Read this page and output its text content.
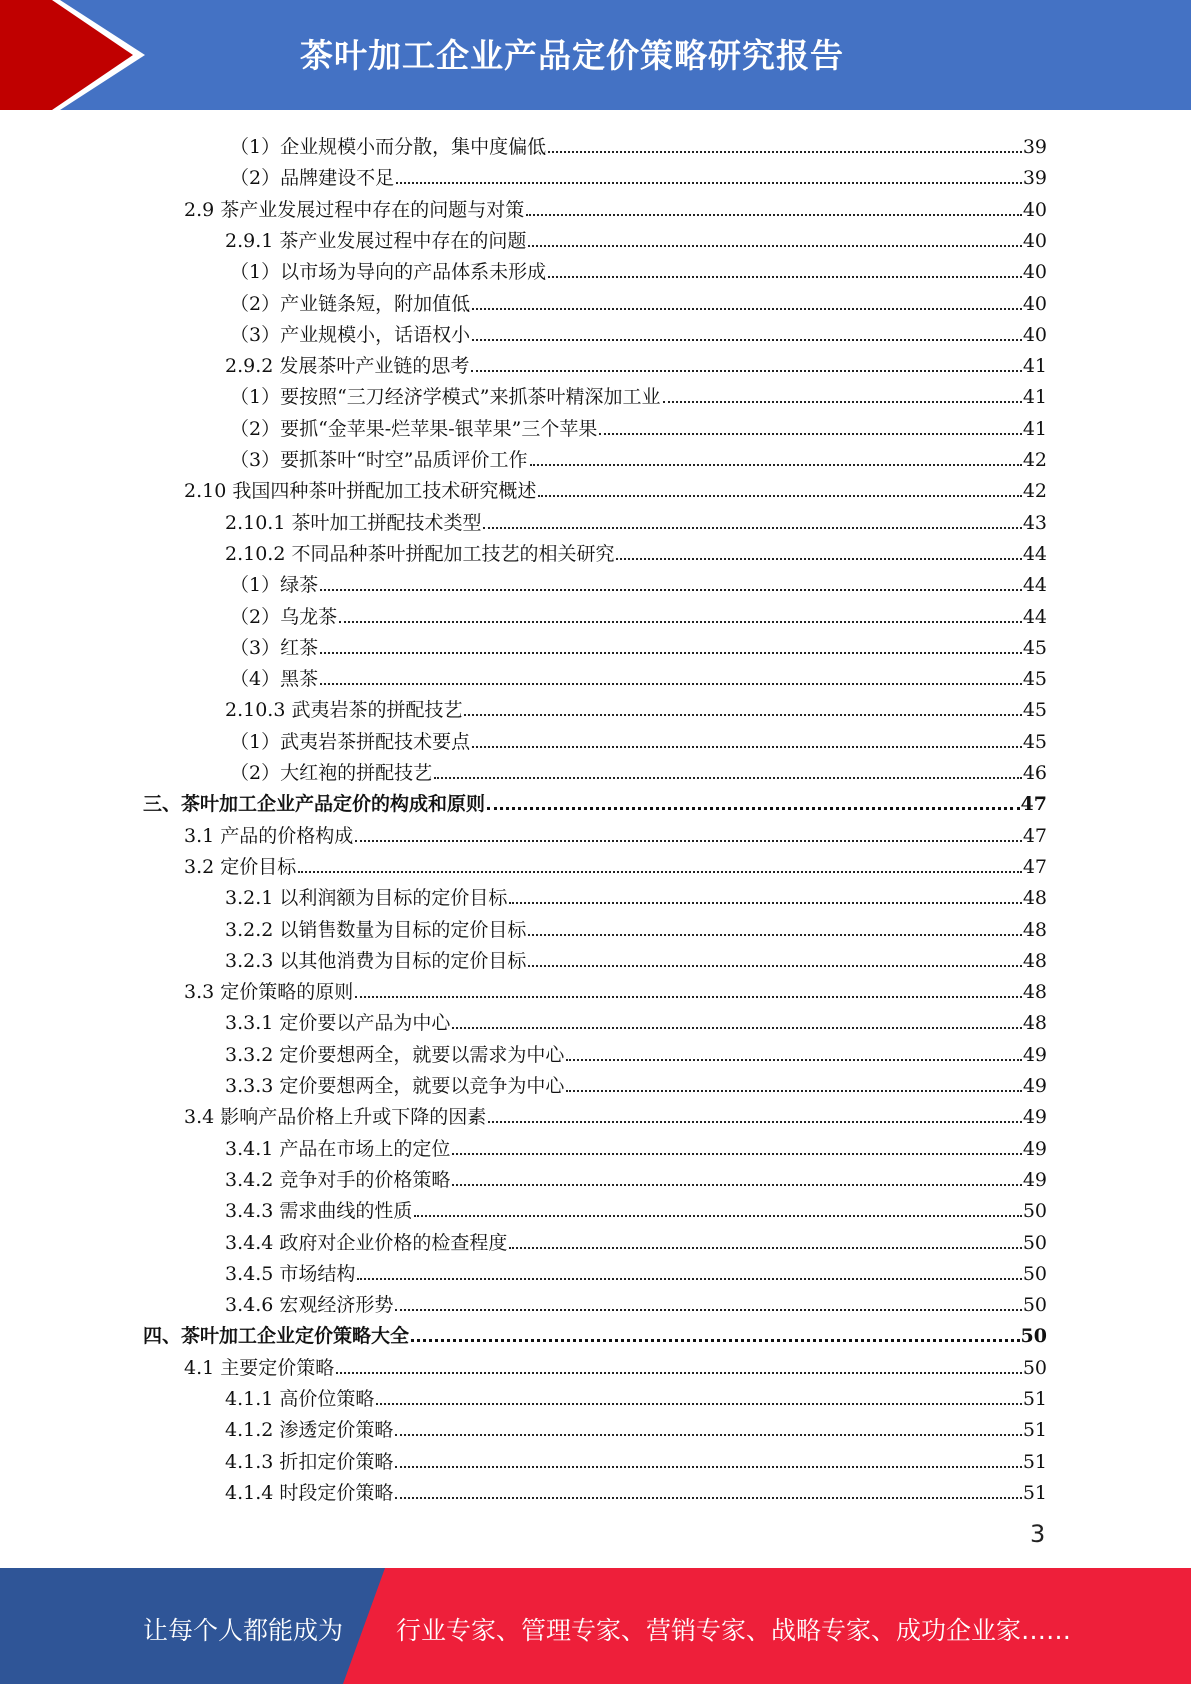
茶叶加工企业产品定价策略研究报告
（1）企业规模小而分散，集中度偏低	39
（2）品牌建设不足	39
2.9 茶产业发展过程中存在的问题与对策	40
2.9.1 茶产业发展过程中存在的问题	40
（1）以市场为导向的产品体系未形成	40
（2）产业链条短，附加值低	40
（3）产业规模小，话语权小	40
2.9.2 发展茶叶产业链的思考	41
（1）要按照“三刀经济学模式”来抓茶叶精深加工业	41
（2）要抓“金苹果-烂苹果-银苹果”三个苹果	41
（3）要抓茶叶“时空”品质评价工作	42
2.10 我国四种茶叶拼配加工技术研究概述	42
2.10.1 茶叶加工拼配技术类型	43
2.10.2 不同品种茶叶拼配加工技艺的相关研究	44
（1）绿茶	44
（2）乌龙茶	44
（3）红茶	45
（4）黑茶	45
2.10.3 武夷岩茶的拼配技艺	45
（1）武夷岩茶拼配技术要点	45
（2）大红袍的拼配技艺	46
三、茶叶加工企业产品定价的构成和原则	47
3.1 产品的价格构成	47
3.2 定价目标	47
3.2.1 以利润额为目标的定价目标	48
3.2.2 以销售数量为目标的定价目标	48
3.2.3 以其他消费为目标的定价目标	48
3.3 定价策略的原则	48
3.3.1 定价要以产品为中心	48
3.3.2 定价要想两全，就要以需求为中心	49
3.3.3 定价要想两全，就要以竞争为中心	49
3.4 影响产品价格上升或下降的因素	49
3.4.1 产品在市场上的定位	49
3.4.2 竞争对手的价格策略	49
3.4.3 需求曲线的性质	50
3.4.4 政府对企业价格的检查程度	50
3.4.5 市场结构	50
3.4.6 宏观经济形势	50
四、茶叶加工企业定价策略大全	50
4.1 主要定价策略	50
4.1.1 高价位策略	51
4.1.2 渗透定价策略	51
4.1.3 折扣定价策略	51
4.1.4 时段定价策略	51
3
让每个人都能成为 行业专家、管理专家、营销专家、战略专家、成功企业家……
